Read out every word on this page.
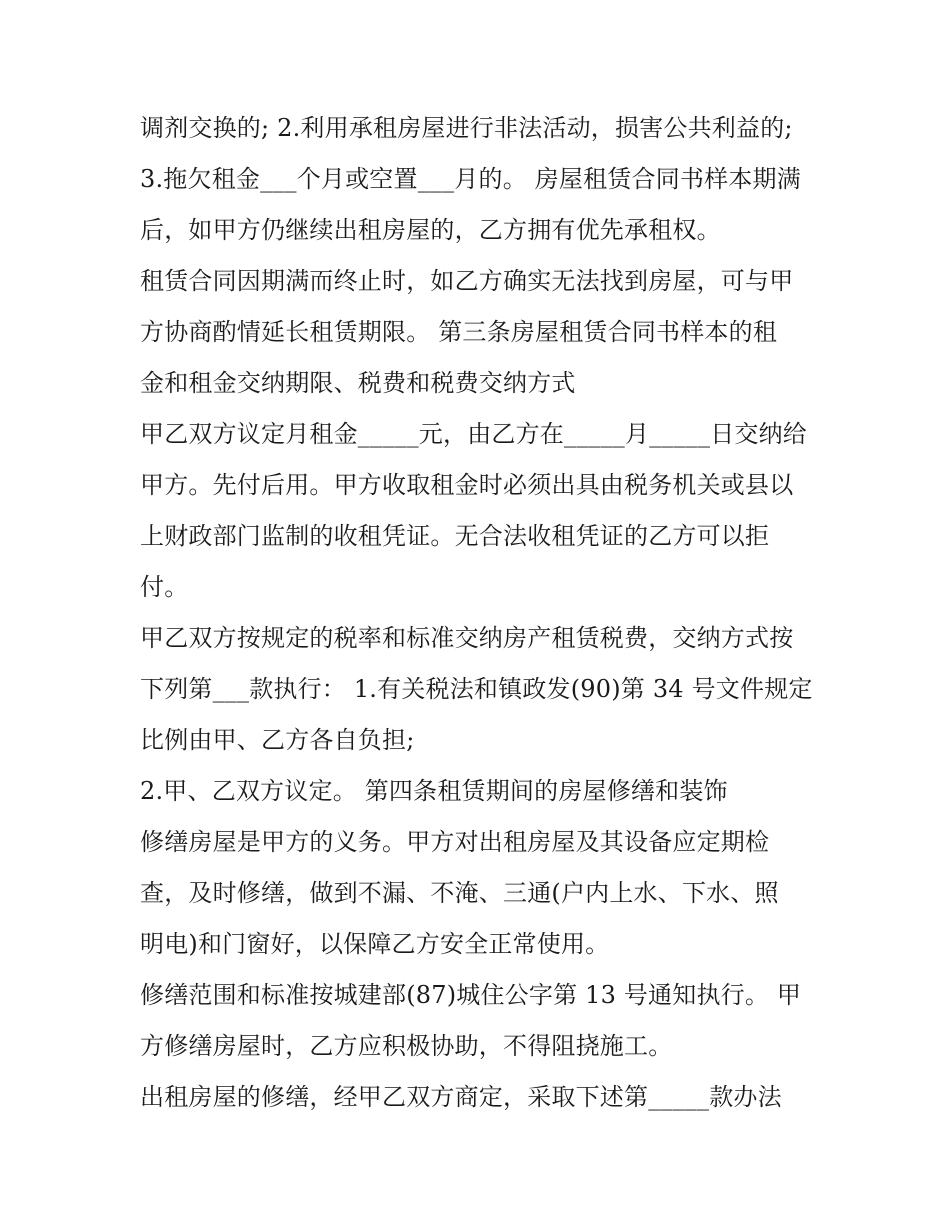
调剂交换的; 2.利用承租房屋进行非法活动，损害公共利益的;
3.拖欠租金___个月或空置___月的。 房屋租赁合同书样本期满
后，如甲方仍继续出租房屋的，乙方拥有优先承租权。
租赁合同因期满而终止时，如乙方确实无法找到房屋，可与甲
方协商酌情延长租赁期限。 第三条房屋租赁合同书样本的租
金和租金交纳期限、税费和税费交纳方式
甲乙双方议定月租金_____元，由乙方在_____月_____日交纳给
甲方。先付后用。甲方收取租金时必须出具由税务机关或县以
上财政部门监制的收租凭证。无合法收租凭证的乙方可以拒
付。
甲乙双方按规定的税率和标准交纳房产租赁税费，交纳方式按
下列第___款执行： 1.有关税法和镇政发(90)第 34 号文件规定
比例由甲、乙方各自负担;
2.甲、乙双方议定。 第四条租赁期间的房屋修缮和装饰
修缮房屋是甲方的义务。甲方对出租房屋及其设备应定期检
查，及时修缮，做到不漏、不淹、三通(户内上水、下水、照
明电)和门窗好，以保障乙方安全正常使用。
修缮范围和标准按城建部(87)城住公字第 13 号通知执行。 甲
方修缮房屋时，乙方应积极协助，不得阻挠施工。
出租房屋的修缮，经甲乙双方商定，采取下述第_____款办法
